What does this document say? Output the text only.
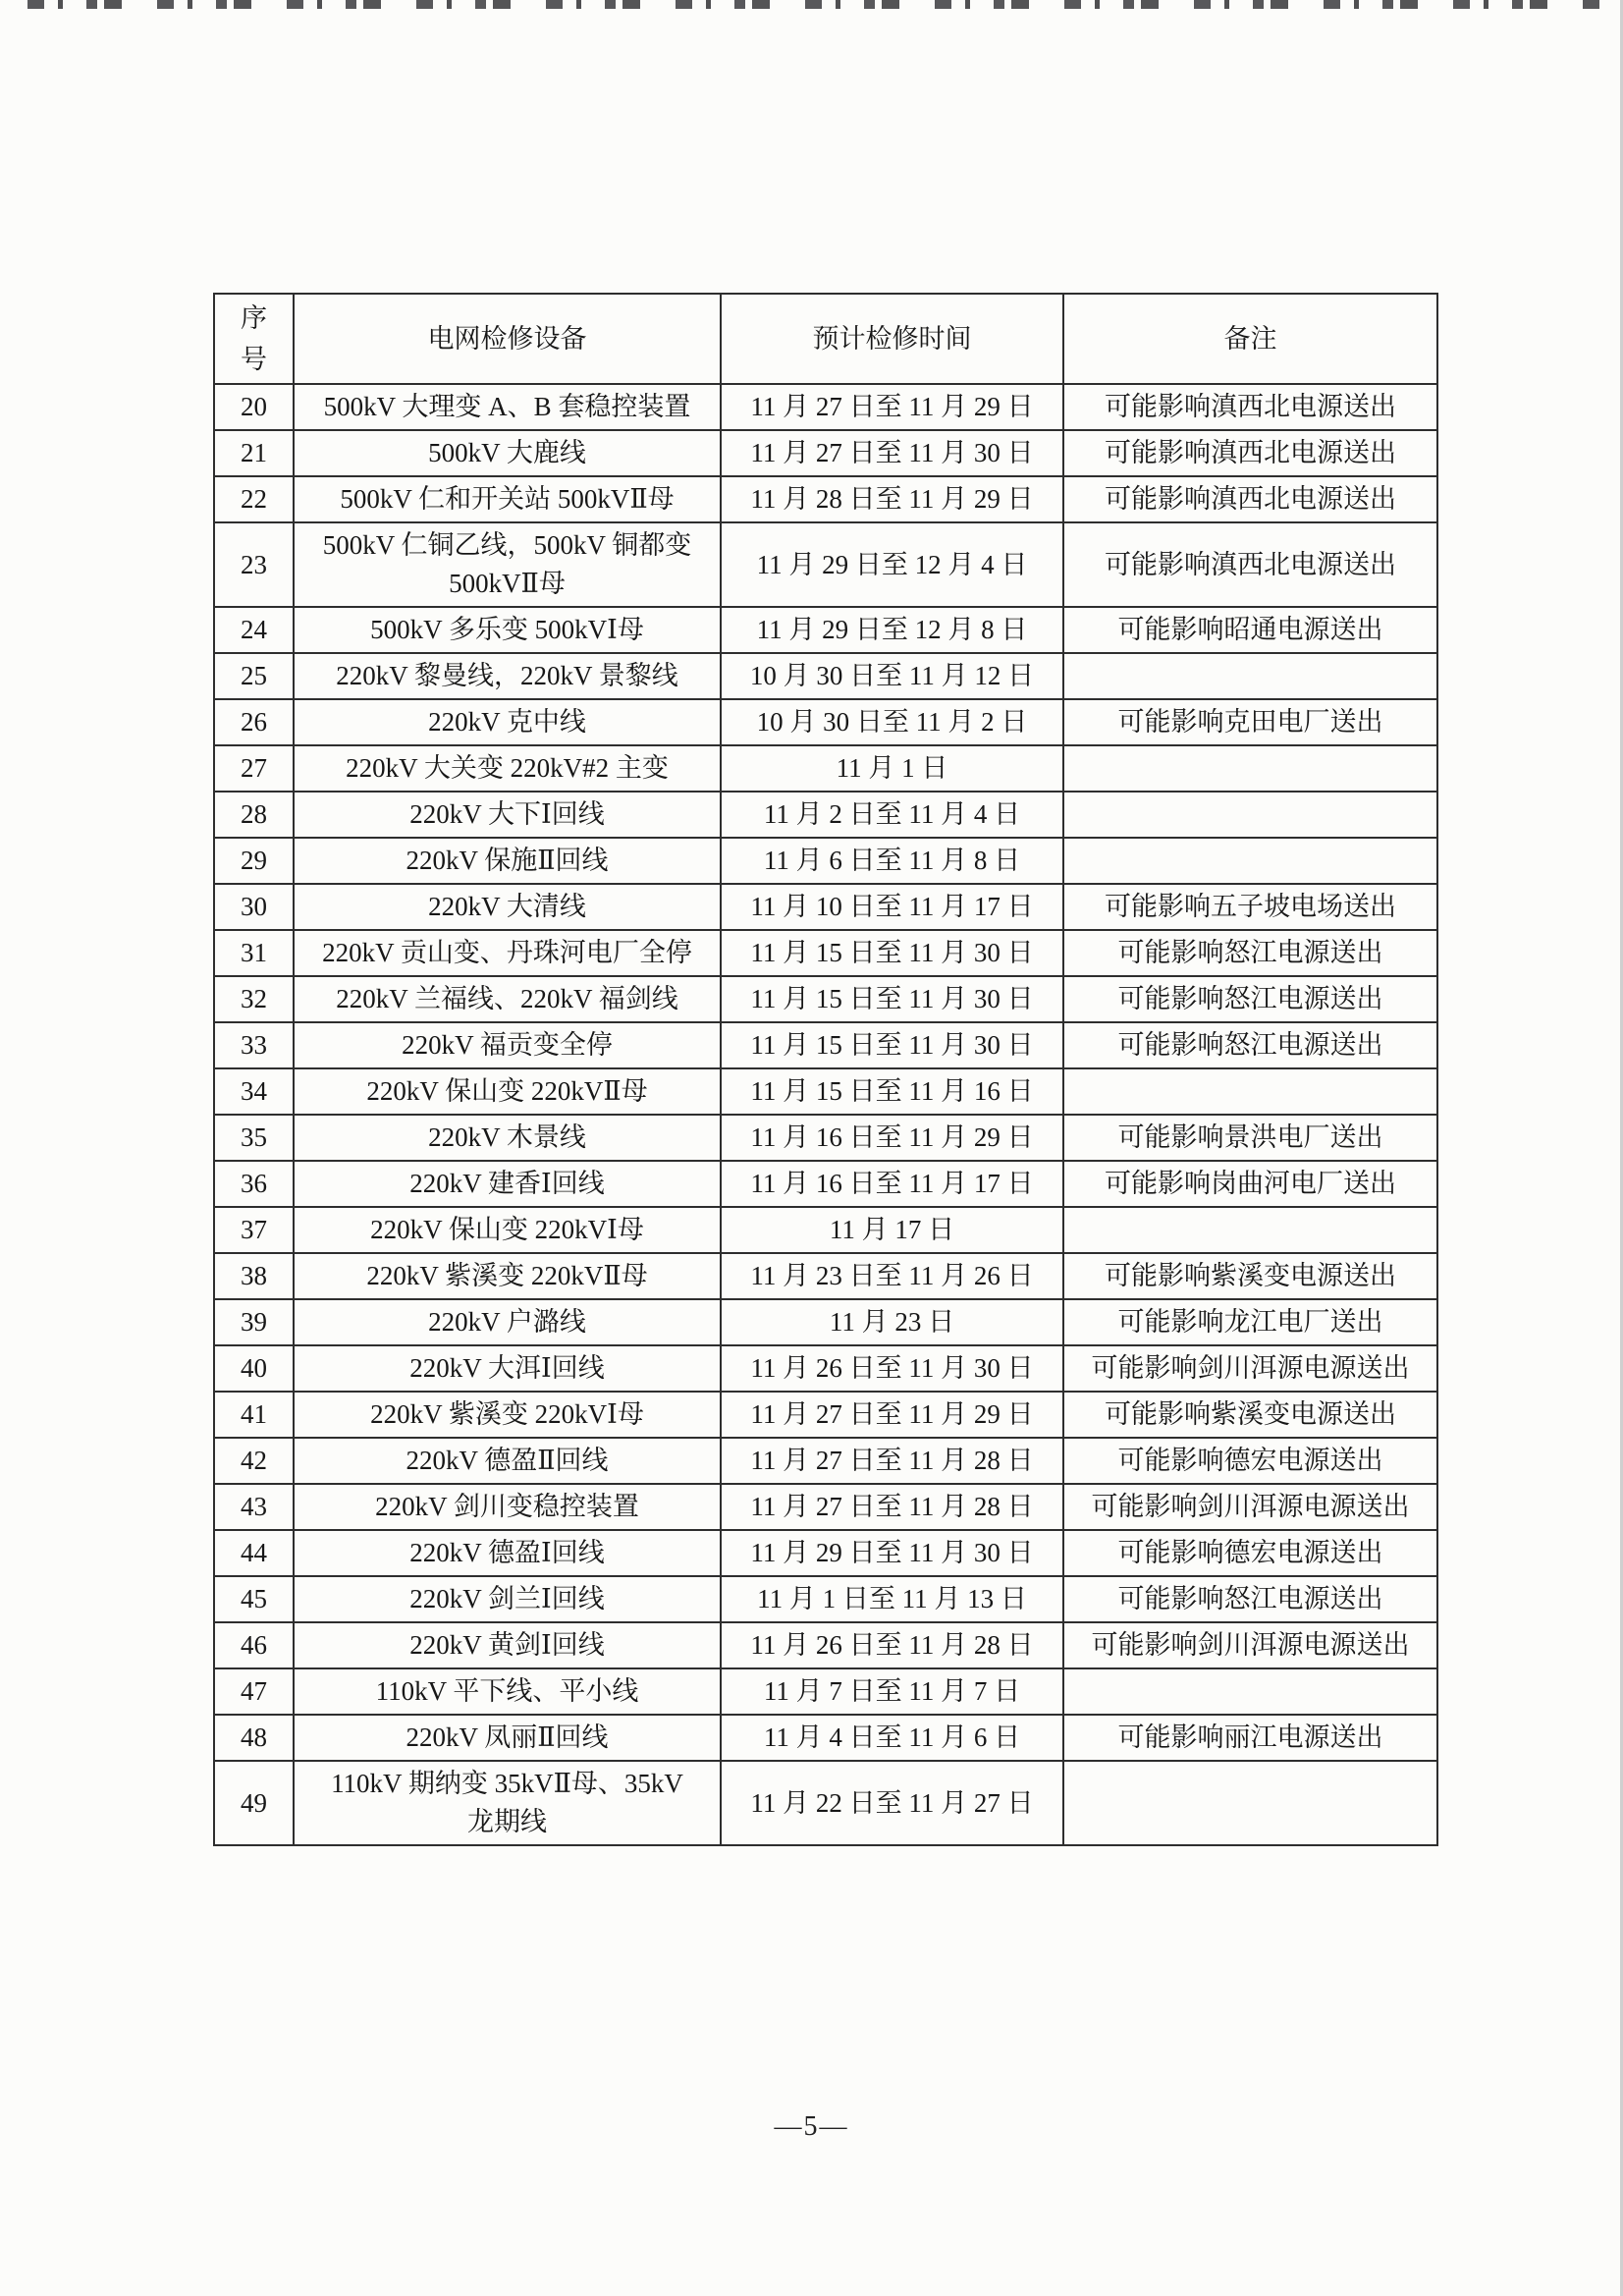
序号	电网检修设备	预计检修时间	备注
20	500kV 大理变 A、B 套稳控装置	11 月 27 日至 11 月 29 日	可能影响滇西北电源送出
21	500kV 大鹿线	11 月 27 日至 11 月 30 日	可能影响滇西北电源送出
22	500kV 仁和开关站 500kVⅡ母	11 月 28 日至 11 月 29 日	可能影响滇西北电源送出
23	500kV 仁铜乙线，500kV 铜都变 500kVⅡ母	11 月 29 日至 12 月 4 日	可能影响滇西北电源送出
24	500kV 多乐变 500kVⅠ母	11 月 29 日至 12 月 8 日	可能影响昭通电源送出
25	220kV 黎曼线，220kV 景黎线	10 月 30 日至 11 月 12 日	
26	220kV 克中线	10 月 30 日至 11 月 2 日	可能影响克田电厂送出
27	220kV 大关变 220kV#2 主变	11 月 1 日	
28	220kV 大下Ⅰ回线	11 月 2 日至 11 月 4 日	
29	220kV 保施Ⅱ回线	11 月 6 日至 11 月 8 日	
30	220kV 大清线	11 月 10 日至 11 月 17 日	可能影响五子坡电场送出
31	220kV 贡山变、丹珠河电厂全停	11 月 15 日至 11 月 30 日	可能影响怒江电源送出
32	220kV 兰福线、220kV 福剑线	11 月 15 日至 11 月 30 日	可能影响怒江电源送出
33	220kV 福贡变全停	11 月 15 日至 11 月 30 日	可能影响怒江电源送出
34	220kV 保山变 220kVⅡ母	11 月 15 日至 11 月 16 日	
35	220kV 木景线	11 月 16 日至 11 月 29 日	可能影响景洪电厂送出
36	220kV 建香Ⅰ回线	11 月 16 日至 11 月 17 日	可能影响岗曲河电厂送出
37	220kV 保山变 220kVⅠ母	11 月 17 日	
38	220kV 紫溪变 220kVⅡ母	11 月 23 日至 11 月 26 日	可能影响紫溪变电源送出
39	220kV 户潞线	11 月 23 日	可能影响龙江电厂送出
40	220kV 大洱Ⅰ回线	11 月 26 日至 11 月 30 日	可能影响剑川洱源电源送出
41	220kV 紫溪变 220kVⅠ母	11 月 27 日至 11 月 29 日	可能影响紫溪变电源送出
42	220kV 德盈Ⅱ回线	11 月 27 日至 11 月 28 日	可能影响德宏电源送出
43	220kV 剑川变稳控装置	11 月 27 日至 11 月 28 日	可能影响剑川洱源电源送出
44	220kV 德盈Ⅰ回线	11 月 29 日至 11 月 30 日	可能影响德宏电源送出
45	220kV 剑兰Ⅰ回线	11 月 1 日至 11 月 13 日	可能影响怒江电源送出
46	220kV 黄剑Ⅰ回线	11 月 26 日至 11 月 28 日	可能影响剑川洱源电源送出
47	110kV 平下线、平小线	11 月 7 日至 11 月 7 日	
48	220kV 凤丽Ⅱ回线	11 月 4 日至 11 月 6 日	可能影响丽江电源送出
49	110kV 期纳变 35kVⅡ母、35kV 龙期线	11 月 22 日至 11 月 27 日	
—5—
